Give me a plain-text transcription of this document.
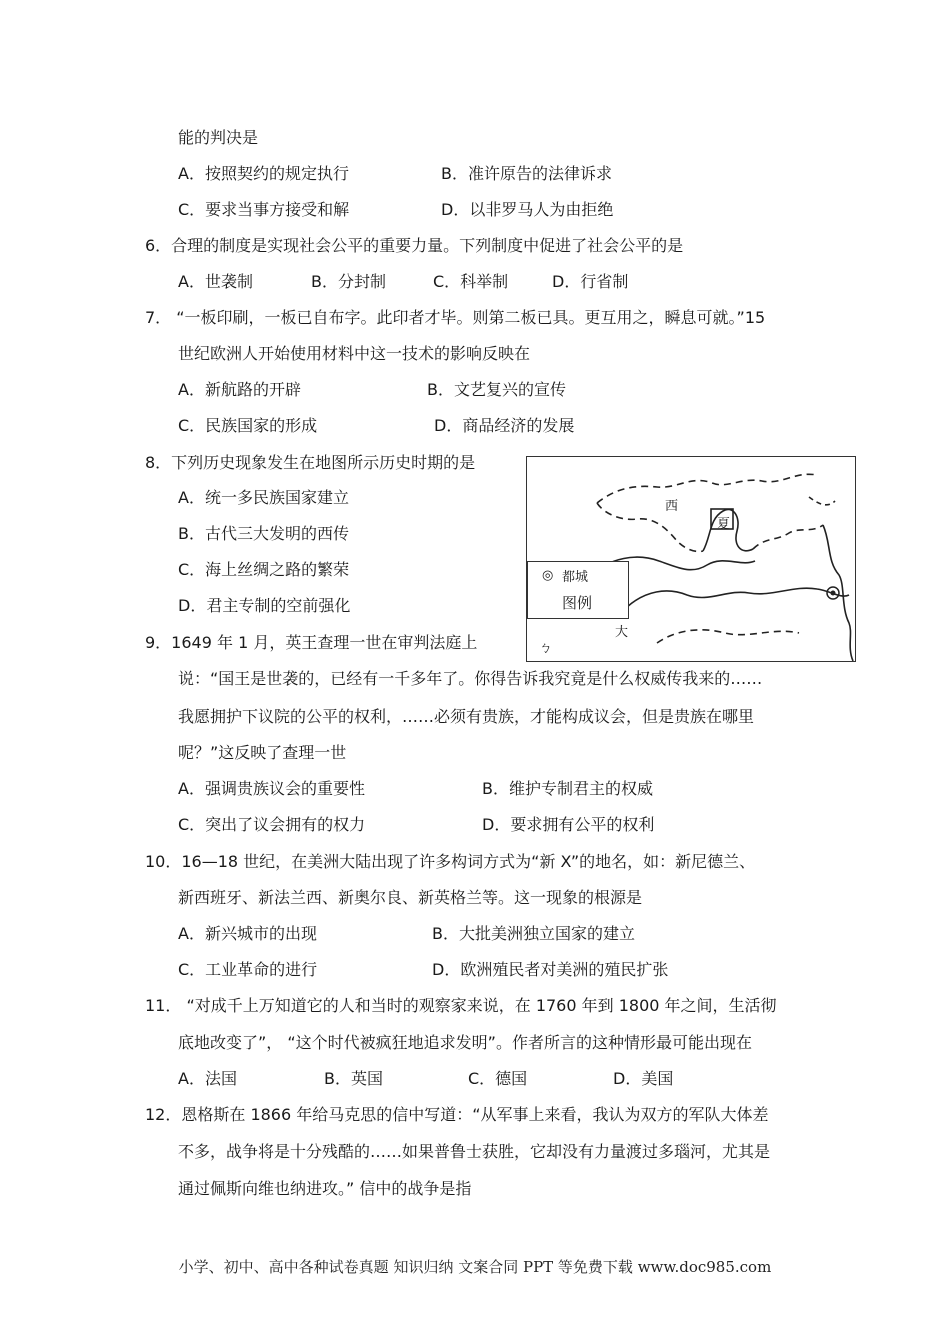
能的判决是
A．按照契约的规定执行	B．准许原告的法律诉求
C．要求当事方接受和解	D．以非罗马人为由拒绝
6．合理的制度是实现社会公平的重要力量。下列制度中促进了社会公平的是
A．世袭制	B．分封制	C．科举制	D．行省制
7． “一板印刷，一板已自布字。此印者才毕。则第二板已具。更互用之，瞬息可就。”15
世纪欧洲人开始使用材料中这一技术的影响反映在
A．新航路的开辟	B．文艺复兴的宣传
C．民族国家的形成	D．商品经济的发展
8．下列历史现象发生在地图所示历史时期的是
A．统一多民族国家建立
B．古代三大发明的西传
C．海上丝绸之路的繁荣
D．君主专制的空前强化
西
夏
大
ㄅ
◎ 都城
图例
9．1649 年 1 月，英王查理一世在审判法庭上
说：“国王是世袭的，已经有一千多年了。你得告诉我究竟是什么权威传我来的……
我愿拥护下议院的公平的权利，……必须有贵族，才能构成议会，但是贵族在哪里
呢？”这反映了查理一世
A．强调贵族议会的重要性	B．维护专制君主的权威
C．突出了议会拥有的权力	D．要求拥有公平的权利
10．16—18 世纪，在美洲大陆出现了许多构词方式为“新 X”的地名，如：新尼德兰、
新西班牙、新法兰西、新奥尔良、新英格兰等。这一现象的根源是
A．新兴城市的出现	B．大批美洲独立国家的建立
C．工业革命的进行	D．欧洲殖民者对美洲的殖民扩张
11． “对成千上万知道它的人和当时的观察家来说，在 1760 年到 1800 年之间，生活彻
底地改变了”， “这个时代被疯狂地追求发明”。作者所言的这种情形最可能出现在
A．法国	B．英国	C．德国	D．美国
12．恩格斯在 1866 年给马克思的信中写道：“从军事上来看，我认为双方的军队大体差
不多，战争将是十分残酷的……如果普鲁士获胜，它却没有力量渡过多瑙河，尤其是
通过佩斯向维也纳进攻。” 信中的战争是指
小学、初中、高中各种试卷真题 知识归纳 文案合同 PPT 等免费下载 www.doc985.com
